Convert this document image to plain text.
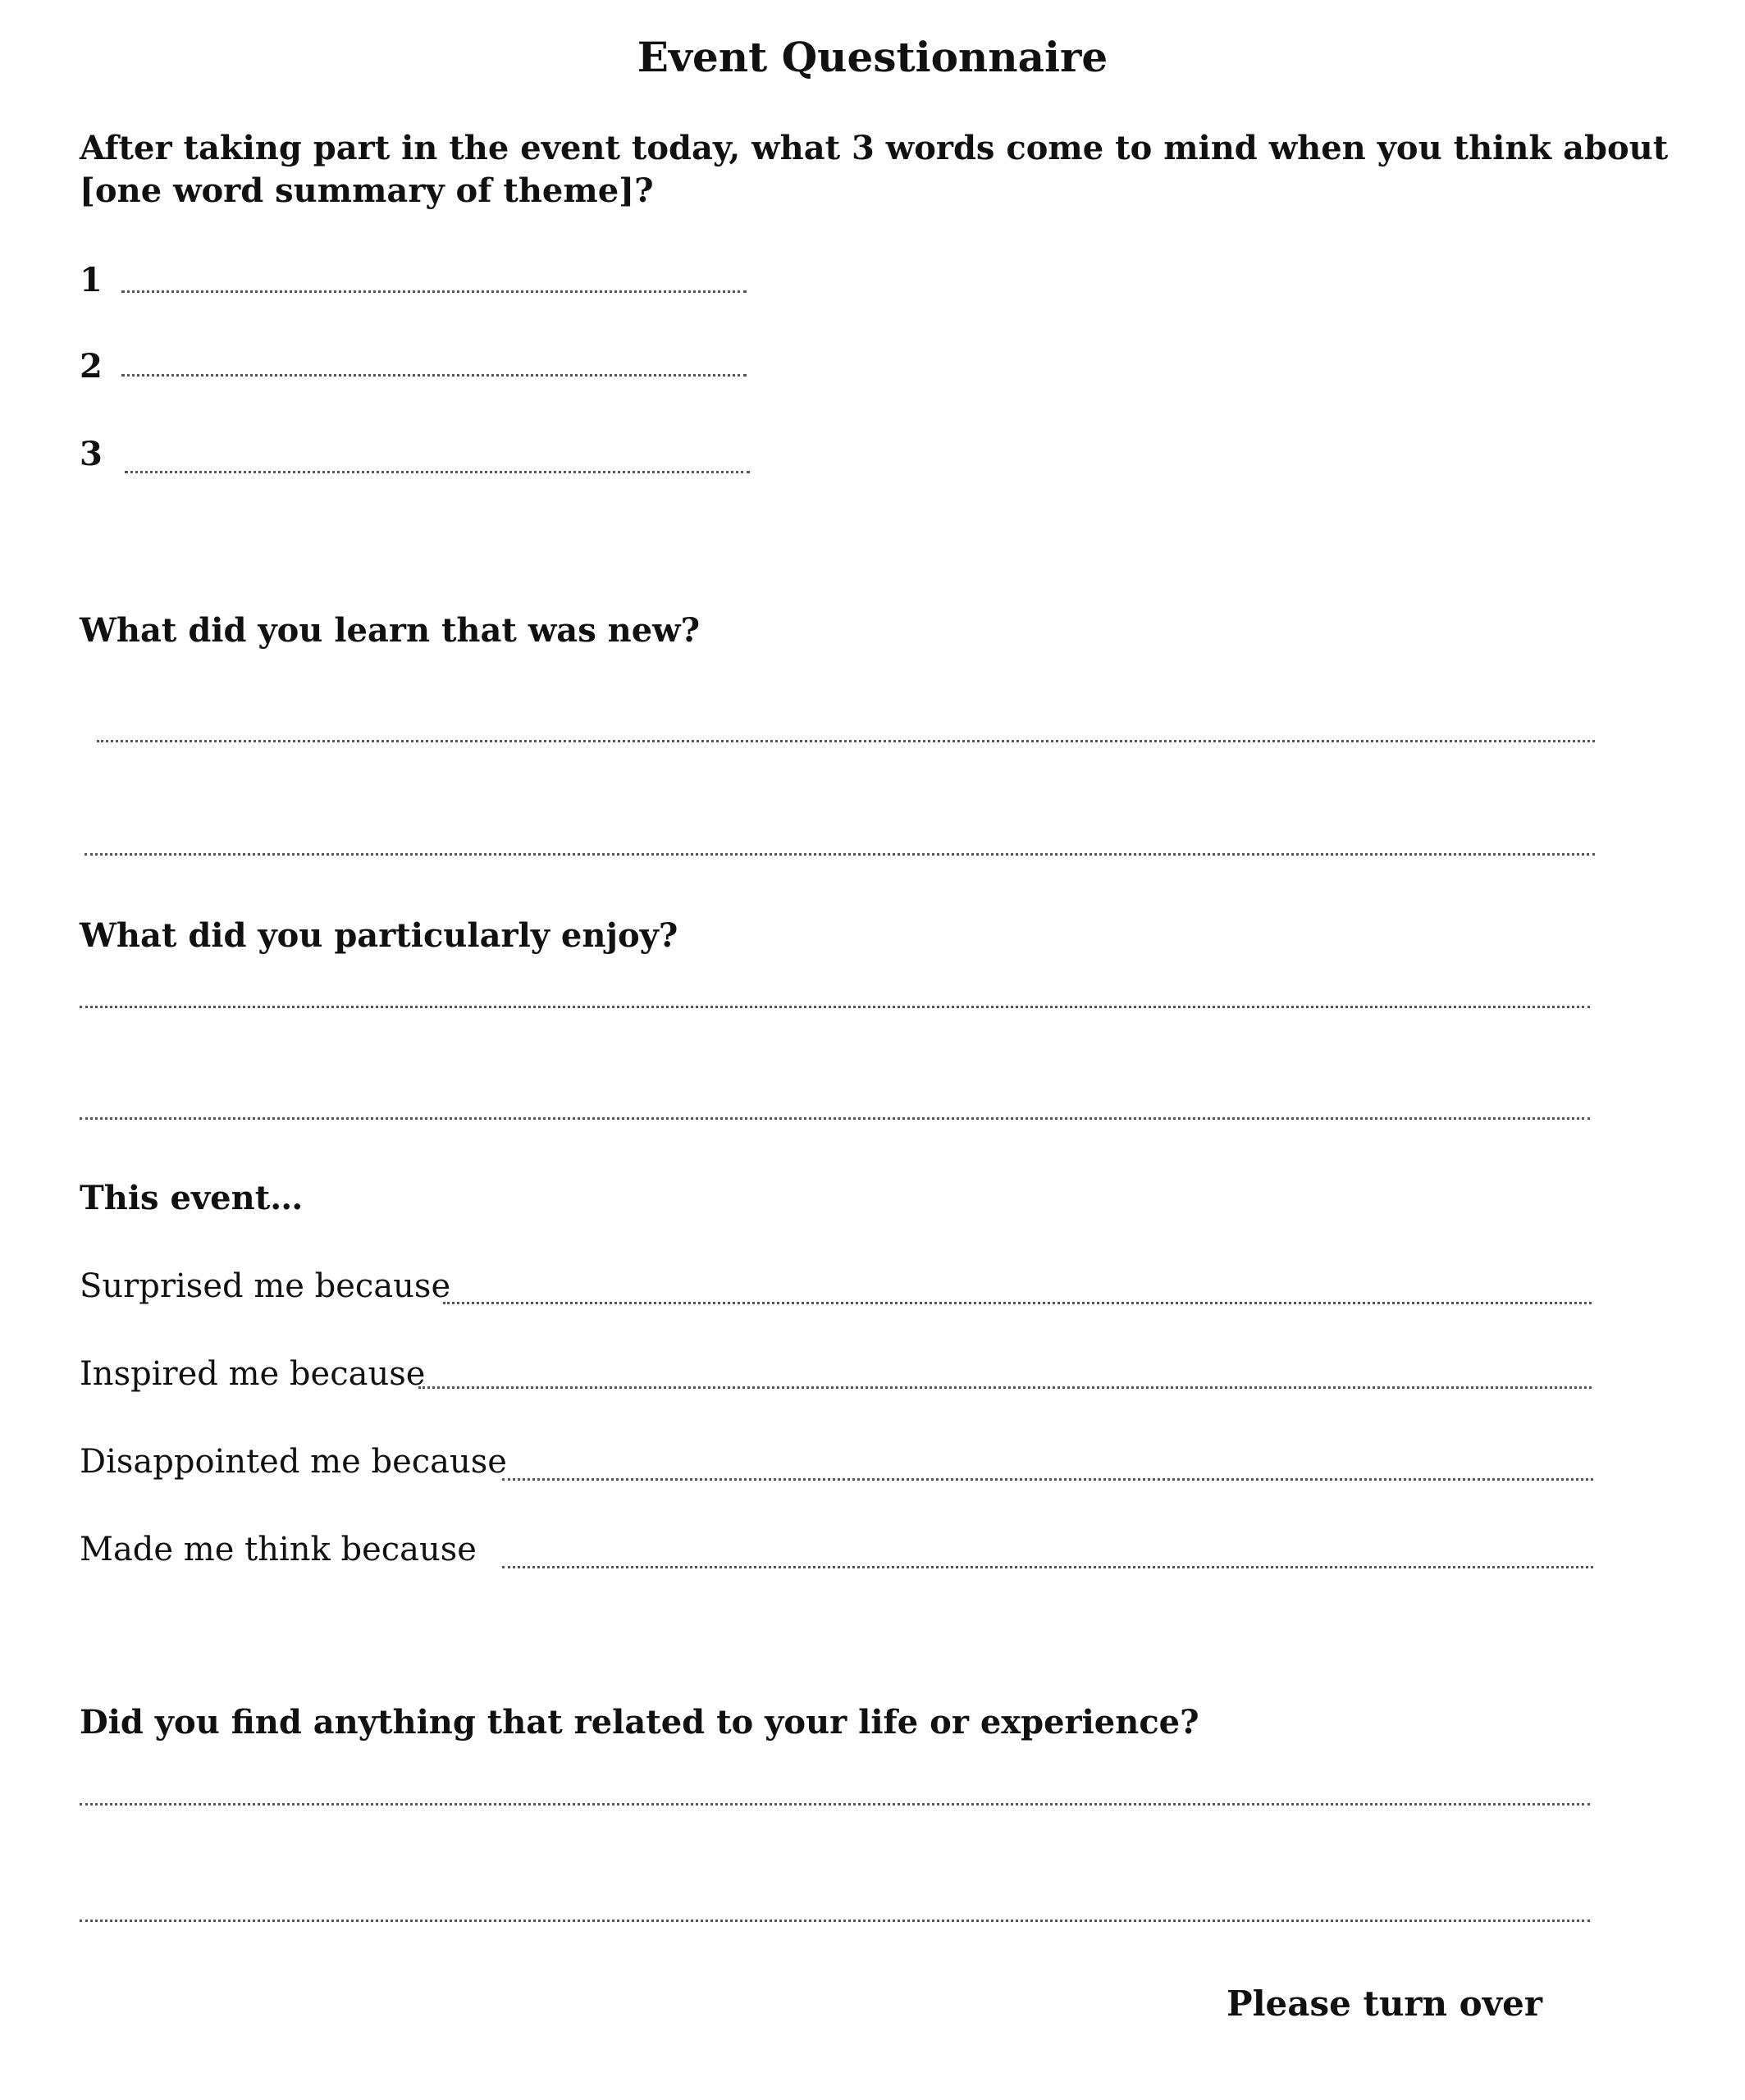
Event Questionnaire
After taking part in the event today, what 3 words come to mind when you think about [one word summary of theme]?
1
2
3
What did you learn that was new?
What did you particularly enjoy?
This event…
Surprised me because
Inspired me because
Disappointed me because
Made me think because
Did you find anything that related to your life or experience?
Please turn over
